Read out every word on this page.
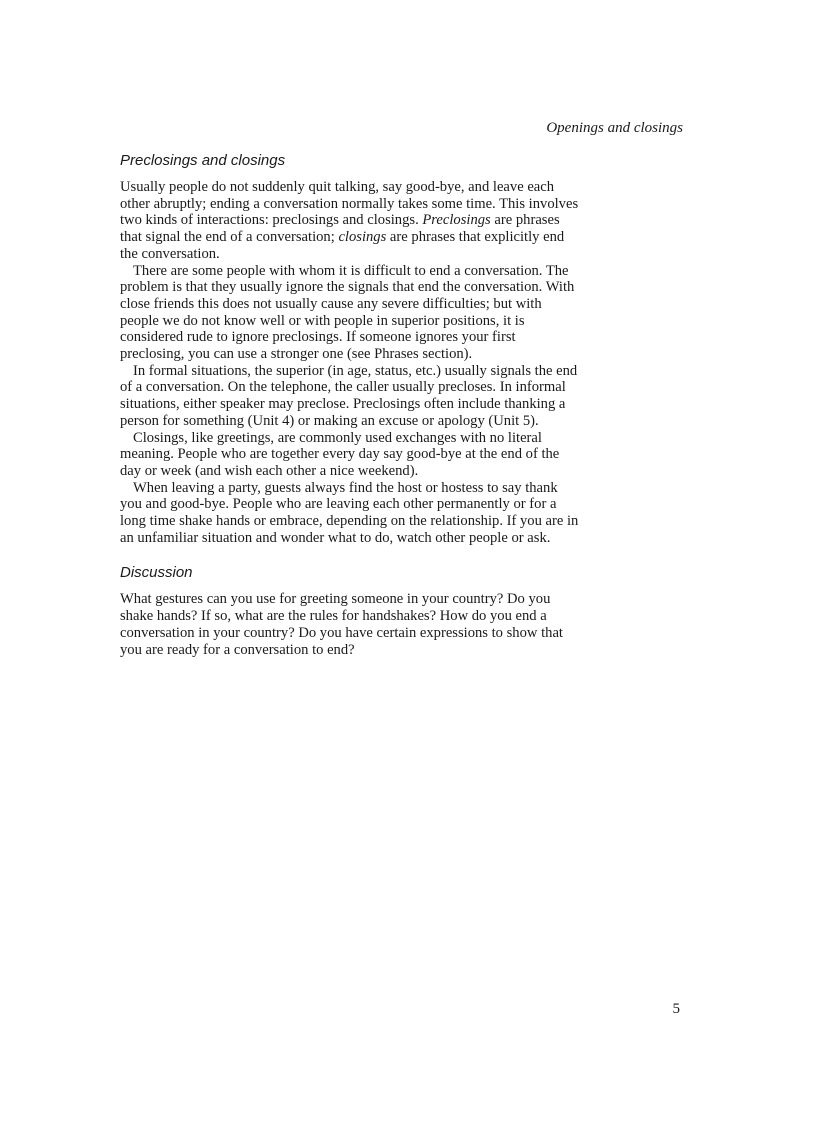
Openings and closings
Preclosings and closings

Usually people do not suddenly quit talking, say good-bye, and leave each other abruptly; ending a conversation normally takes some time. This involves two kinds of interactions: preclosings and closings. Preclosings are phrases that signal the end of a conversation; closings are phrases that explicitly end the conversation.

There are some people with whom it is difficult to end a conversation. The problem is that they usually ignore the signals that end the conversation. With close friends this does not usually cause any severe difficulties; but with people we do not know well or with people in superior positions, it is considered rude to ignore preclosings. If someone ignores your first preclosing, you can use a stronger one (see Phrases section).

In formal situations, the superior (in age, status, etc.) usually signals the end of a conversation. On the telephone, the caller usually precloses. In informal situations, either speaker may preclose. Preclosings often include thanking a person for something (Unit 4) or making an excuse or apology (Unit 5).

Closings, like greetings, are commonly used exchanges with no literal meaning. People who are together every day say good-bye at the end of the day or week (and wish each other a nice weekend).

When leaving a party, guests always find the host or hostess to say thank you and good-bye. People who are leaving each other permanently or for a long time shake hands or embrace, depending on the relationship. If you are in an unfamiliar situation and wonder what to do, watch other people or ask.

Discussion

What gestures can you use for greeting someone in your country? Do you shake hands? If so, what are the rules for handshakes? How do you end a conversation in your country? Do you have certain expressions to show that you are ready for a conversation to end?

5
